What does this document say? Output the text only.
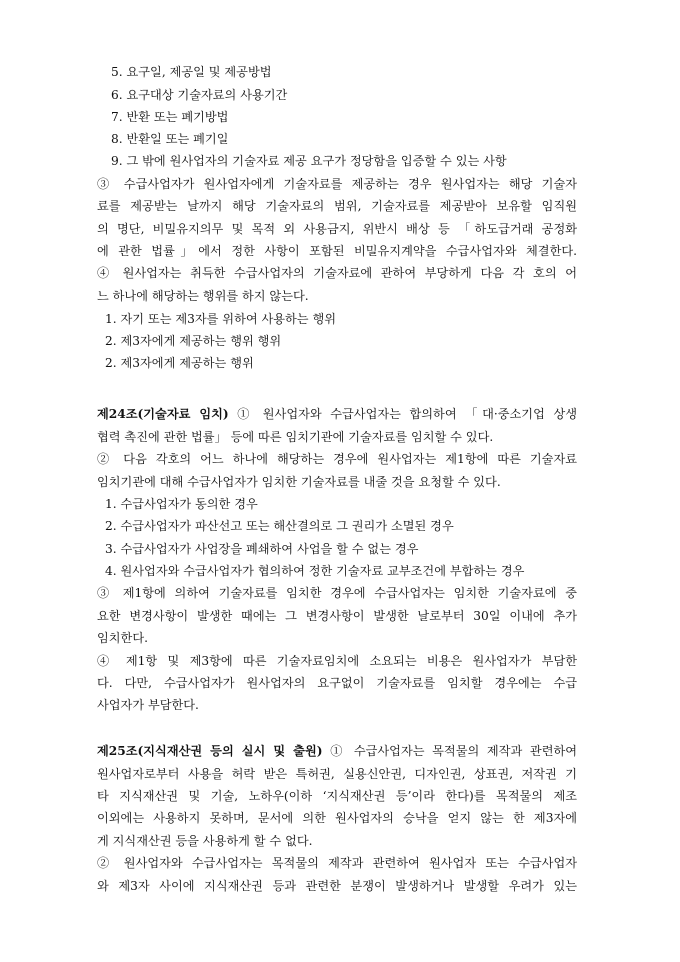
5. 요구일, 제공일 및 제공방법
6. 요구대상 기술자료의 사용기간
7. 반환 또는 폐기방법
8. 반환일 또는 폐기일
9. 그 밖에 원사업자의 기술자료 제공 요구가 정당함을 입증할 수 있는 사항
③ 수급사업자가 원사업자에게 기술자료를 제공하는 경우 원사업자는 해당 기술자
료를 제공받는 날까지 해당 기술자료의 범위, 기술자료를 제공받아 보유할 임직원
의 명단, 비밀유지의무 및 목적 외 사용금지, 위반시 배상 등 「하도급거래 공정화
에 관한 법률」에서 정한 사항이 포함된 비밀유지계약을 수급사업자와 체결한다.
④ 원사업자는 취득한 수급사업자의 기술자료에 관하여 부당하게 다음 각 호의 어
느 하나에 해당하는 행위를 하지 않는다.
1. 자기 또는 제3자를 위하여 사용하는 행위
2. 제3자에게 제공하는 행위 행위
2. 제3자에게 제공하는 행위
제24조(기술자료 임치) ① 원사업자와 수급사업자는 합의하여 「대·중소기업 상생
협력 촉진에 관한 법률」 등에 따른 임치기관에 기술자료를 임치할 수 있다.
② 다음 각호의 어느 하나에 해당하는 경우에 원사업자는 제1항에 따른 기술자료
임치기관에 대해 수급사업자가 임치한 기술자료를 내줄 것을 요청할 수 있다.
1. 수급사업자가 동의한 경우
2. 수급사업자가 파산선고 또는 해산결의로 그 권리가 소멸된 경우
3. 수급사업자가 사업장을 폐쇄하여 사업을 할 수 없는 경우
4. 원사업자와 수급사업자가 협의하여 정한 기술자료 교부조건에 부합하는 경우
③ 제1항에 의하여 기술자료를 임치한 경우에 수급사업자는 임치한 기술자료에 중
요한 변경사항이 발생한 때에는 그 변경사항이 발생한 날로부터 30일 이내에 추가
임치한다.
④ 제1항 및 제3항에 따른 기술자료임치에 소요되는 비용은 원사업자가 부담한
다. 다만, 수급사업자가 원사업자의 요구없이 기술자료를 임치할 경우에는 수급
사업자가 부담한다.
제25조(지식재산권 등의 실시 및 출원) ① 수급사업자는 목적물의 제작과 관련하여
원사업자로부터 사용을 허락 받은 특허권, 실용신안권, 디자인권, 상표권, 저작권 기
타 지식재산권 및 기술, 노하우(이하 ‘지식재산권 등’이라 한다)를 목적물의 제조
이외에는 사용하지 못하며, 문서에 의한 원사업자의 승낙을 얻지 않는 한 제3자에
게 지식재산권 등을 사용하게 할 수 없다.
② 원사업자와 수급사업자는 목적물의 제작과 관련하여 원사업자 또는 수급사업자
와 제3자 사이에 지식재산권 등과 관련한 분쟁이 발생하거나 발생할 우려가 있는
